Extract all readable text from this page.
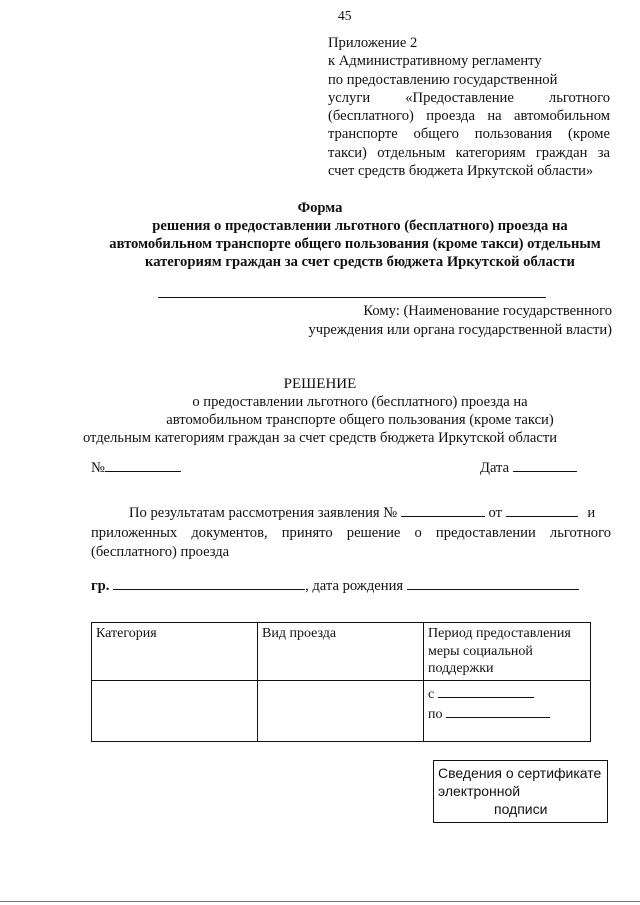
45
Приложение 2
к Административному регламенту
по предоставлению государственной
услуги «Предоставление льготного
(бесплатного) проезда на автомобильном
транспорте общего пользования (кроме
такси) отдельным категориям граждан за
счет средств бюджета Иркутской области»
Форма
решения о предоставлении льготного (бесплатного) проезда на
автомобильном транспорте общего пользования (кроме такси) отдельным
категориям граждан за счет средств бюджета Иркутской области
Кому: (Наименование государственного
учреждения или органа государственной власти)
РЕШЕНИЕ
о предоставлении льготного (бесплатного) проезда на
автомобильном транспорте общего пользования (кроме такси)
отдельным категориям граждан за счет средств бюджета Иркутской области
№	Дата
По результатам рассмотрения заявления №	от	и
приложенных документов, принято решение о предоставлении льготного
(бесплатного) проезда
гр.	, дата рождения
Категория	Вид проезда	Период предоставления меры социальной поддержки

		с
по
Сведения о сертификате
электронной
подписи
